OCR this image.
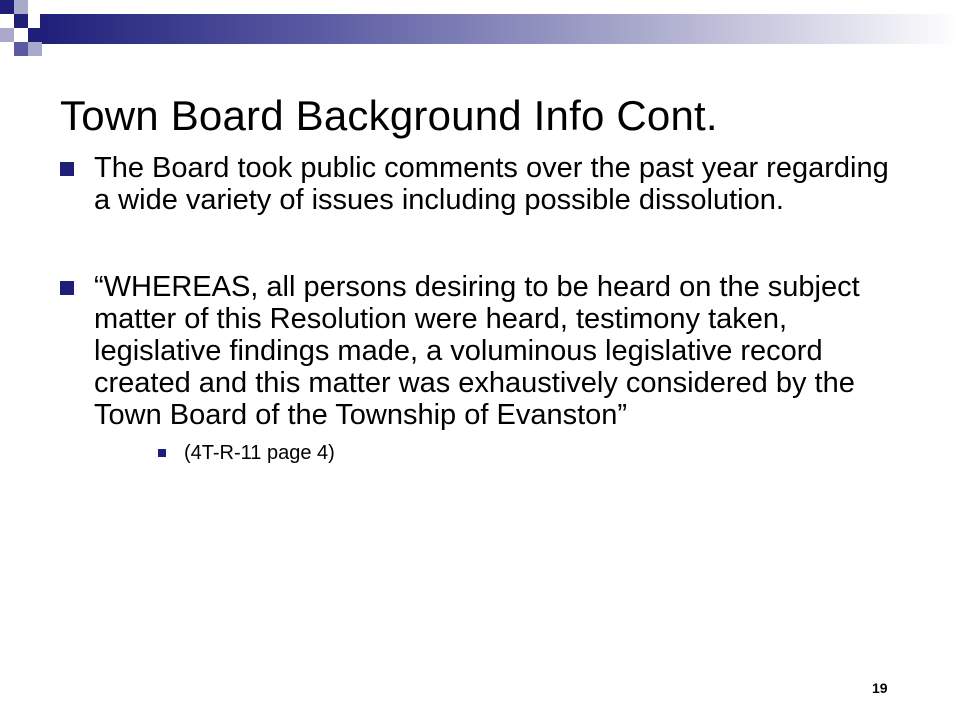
Town Board Background Info Cont.

The Board took public comments over the past year regarding a wide variety of issues including possible dissolution.

“WHEREAS, all persons desiring to be heard on the subject matter of this Resolution were heard, testimony taken, legislative findings made, a voluminous legislative record created and this matter was exhaustively considered by the Town Board of the Township of Evanston”

(4T-R-11 page 4)

19
